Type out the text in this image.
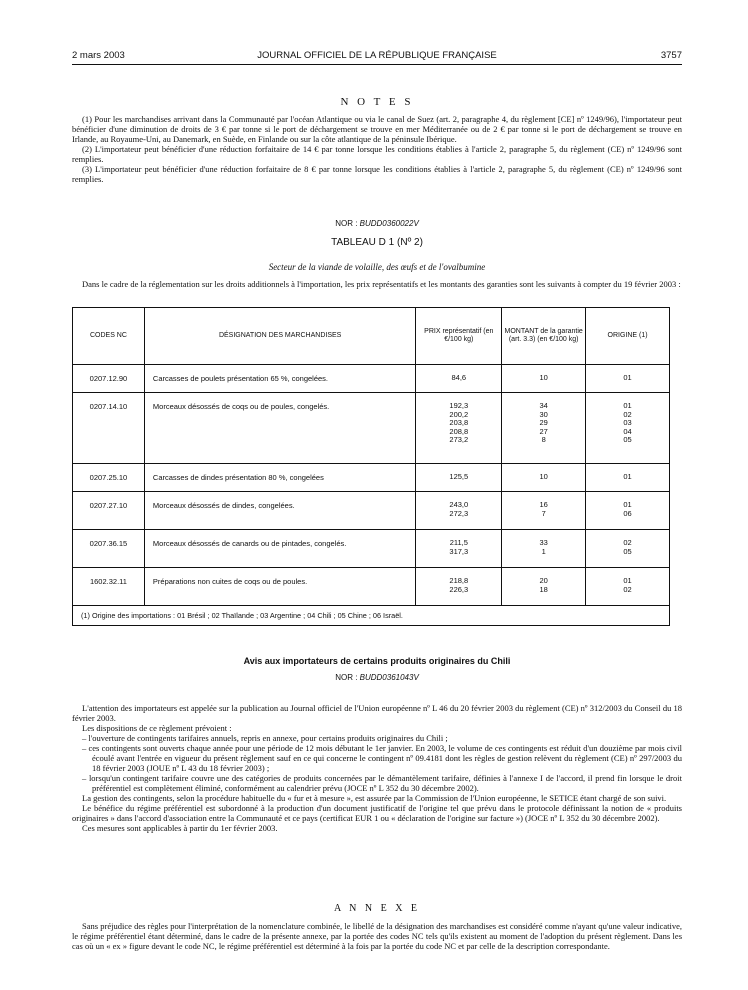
2 mars 2003	JOURNAL OFFICIEL DE LA RÉPUBLIQUE FRANÇAISE	3757
N O T E S

(1) Pour les marchandises arrivant dans la Communauté par l'océan Atlantique ou via le canal de Suez (art. 2, paragraphe 4, du règlement [CE] nº 1249/96), l'importateur peut bénéficier d'une diminution de droits de 3 € par tonne si le port de déchargement se trouve en mer Méditerranée ou de 2 € par tonne si le port de déchargement se trouve en Irlande, au Royaume-Uni, au Danemark, en Suède, en Finlande ou sur la côte atlantique de la péninsule Ibérique.

(2) L'importateur peut bénéficier d'une réduction forfaitaire de 14 € par tonne lorsque les conditions établies à l'article 2, paragraphe 5, du règlement (CE) nº 1249/96 sont remplies.

(3) L'importateur peut bénéficier d'une réduction forfaitaire de 8 € par tonne lorsque les conditions établies à l'article 2, paragraphe 5, du règlement (CE) nº 1249/96 sont remplies.

NOR : BUDD0360022V
TABLEAU D 1 (Nº 2)
Secteur de la viande de volaille, des œufs et de l'ovalbumine

Dans le cadre de la réglementation sur les droits additionnels à l'importation, les prix représentatifs et les montants des garanties sont les suivants à compter du 19 février 2003 :

CODES NC	DÉSIGNATION DES MARCHANDISES	PRIX représentatif (en €/100 kg)	MONTANT de la garantie (art. 3.3) (en €/100 kg)	ORIGINE (1)
0207.12.90	Carcasses de poulets présentation 65 %, congelées.	84,6	10	01
0207.14.10	Morceaux désossés de coqs ou de poules, congelés.	192,3
200,2
203,8
208,8
273,2	34
30
29
27
8	01
02
03
04
05
0207.25.10	Carcasses de dindes présentation 80 %, congelées	125,5	10	01
0207.27.10	Morceaux désossés de dindes, congelées.	243,0
272,3	16
7	01
06
0207.36.15	Morceaux désossés de canards ou de pintades, congelés.	211,5
317,3	33
1	02
05
1602.32.11	Préparations non cuites de coqs ou de poules.	218,8
226,3	20
18	01
02
(1) Origine des importations : 01 Brésil ; 02 Thaïlande ; 03 Argentine ; 04 Chili ; 05 Chine ; 06 Israël.				
Avis aux importateurs de certains produits originaires du Chili
NOR : BUDD0361043V

L'attention des importateurs est appelée sur la publication au Journal officiel de l'Union européenne nº L 46 du 20 février 2003 du règlement (CE) nº 312/2003 du Conseil du 18 février 2003.

Les dispositions de ce règlement prévoient :

– l'ouverture de contingents tarifaires annuels, repris en annexe, pour certains produits originaires du Chili ;
– ces contingents sont ouverts chaque année pour une période de 12 mois débutant le 1er janvier. En 2003, le volume de ces contingents est réduit d'un douzième par mois civil écoulé avant l'entrée en vigueur du présent règlement sauf en ce qui concerne le contingent nº 09.4181 dont les règles de gestion relèvent du règlement (CE) nº 297/2003 du 18 février 2003 (JOUE nº L 43 du 18 février 2003) ;
– lorsqu'un contingent tarifaire couvre une des catégories de produits concernées par le démantèlement tarifaire, définies à l'annexe I de l'accord, il prend fin lorsque le droit préférentiel est complètement éliminé, conformément au calendrier prévu (JOCE nº L 352 du 30 décembre 2002).

La gestion des contingents, selon la procédure habituelle du « fur et à mesure », est assurée par la Commission de l'Union européenne, le SETICE étant chargé de son suivi.

Le bénéfice du régime préférentiel est subordonné à la production d'un document justificatif de l'origine tel que prévu dans le protocole définissant la notion de « produits originaires » dans l'accord d'association entre la Communauté et ce pays (certificat EUR 1 ou « déclaration de l'origine sur facture ») (JOCE nº L 352 du 30 décembre 2002).

Ces mesures sont applicables à partir du 1er février 2003.

A N N E X E

Sans préjudice des règles pour l'interprétation de la nomenclature combinée, le libellé de la désignation des marchandises est considéré comme n'ayant qu'une valeur indicative, le régime préférentiel étant déterminé, dans le cadre de la présente annexe, par la portée des codes NC tels qu'ils existent au moment de l'adoption du présent règlement. Dans les cas où un « ex » figure devant le code NC, le régime préférentiel est déterminé à la fois par la portée du code NC et par celle de la description correspondante.
